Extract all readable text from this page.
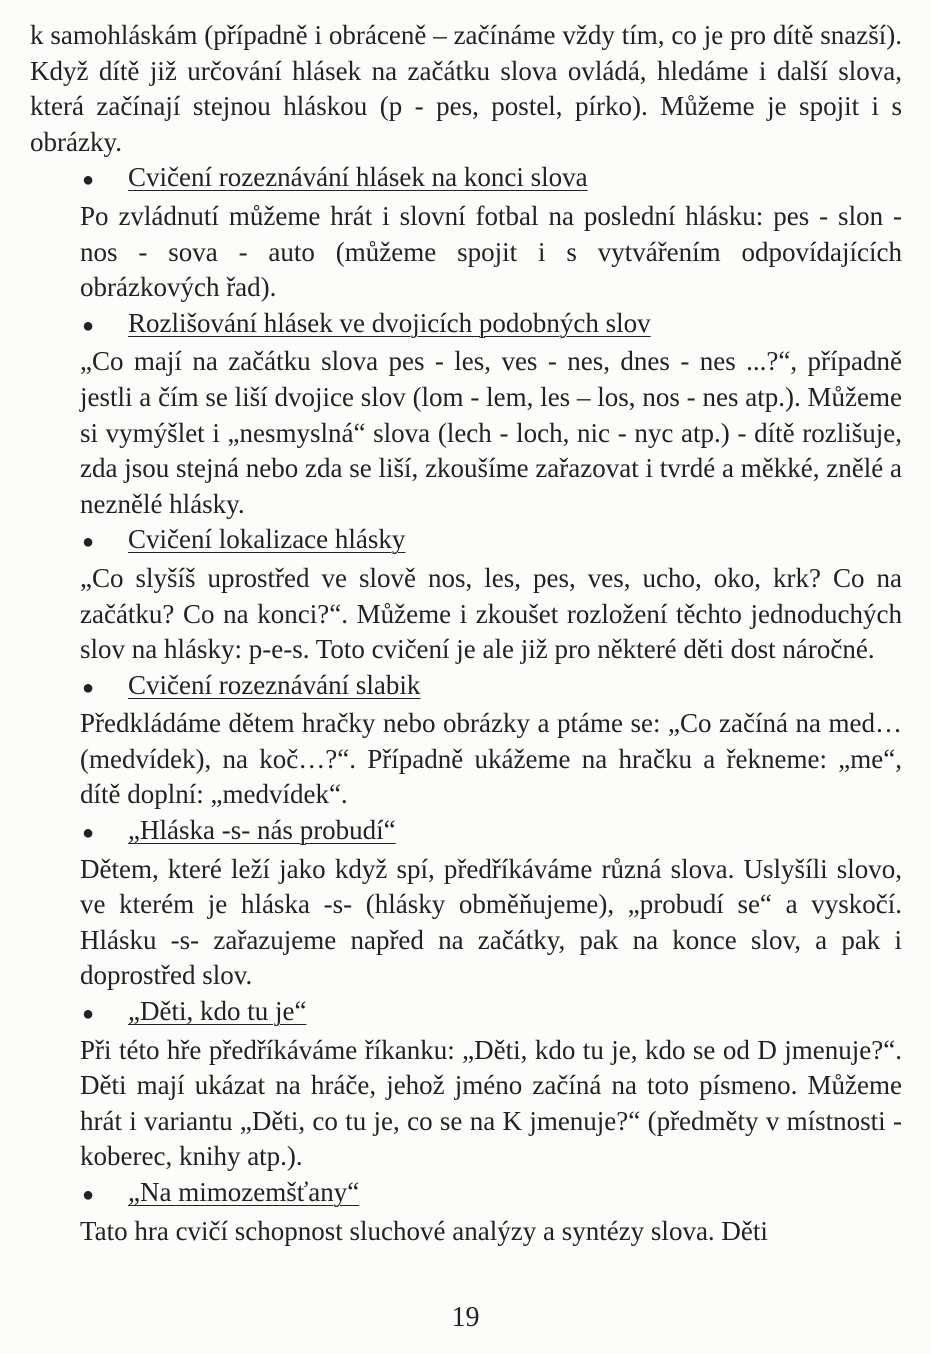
k samohláskám (případně i obráceně – začínáme vždy tím, co je pro dítě snazší). Když dítě již určování hlásek na začátku slova ovládá, hledáme i další slova, která začínají stejnou hláskou (p - pes, postel, pírko). Můžeme je spojit i s obrázky.

●	Cvičení rozeznávání hlásek na konci slova

Po zvládnutí můžeme hrát i slovní fotbal na poslední hlásku: pes - slon - nos - sova - auto (můžeme spojit i s vytvářením odpovídajících obrázkových řad).

●	Rozlišování hlásek ve dvojicích podobných slov

„Co mají na začátku slova pes - les, ves - nes, dnes - nes ...?“, případně jestli a čím se liší dvojice slov (lom - lem, les – los, nos - nes atp.). Můžeme si vymýšlet i „nesmyslná“ slova (lech - loch, nic - nyc atp.) - dítě rozlišuje, zda jsou stejná nebo zda se liší, zkoušíme zařazovat i tvrdé a měkké, znělé a neznělé hlásky.

●	Cvičení lokalizace hlásky

„Co slyšíš uprostřed ve slově nos, les, pes, ves, ucho, oko, krk? Co na začátku? Co na konci?“. Můžeme i zkoušet rozložení těchto jednoduchých slov na hlásky: p-e-s. Toto cvičení je ale již pro některé děti dost náročné.

●	Cvičení rozeznávání slabik

Předkládáme dětem hračky nebo obrázky a ptáme se: „Co začíná na med… (medvídek), na koč…?“. Případně ukážeme na hračku a řekneme: „me“, dítě doplní: „medvídek“.

●	„Hláska -s- nás probudí“

Dětem, které leží jako když spí, předříkáváme různá slova. Uslyšíli slovo, ve kterém je hláska -s- (hlásky obměňujeme), „probudí se“ a vyskočí. Hlásku -s- zařazujeme napřed na začátky, pak na konce slov, a pak i doprostřed slov.

●	„Děti, kdo tu je“

Při této hře předříkáváme říkanku: „Děti, kdo tu je, kdo se od D jmenuje?“. Děti mají ukázat na hráče, jehož jméno začíná na toto písmeno. Můžeme hrát i variantu „Děti, co tu je, co se na K jmenuje?“ (předměty v místnosti - koberec, knihy atp.).

●	„Na mimozemšťany“

Tato hra cvičí schopnost sluchové analýzy a syntézy slova. Děti

19
